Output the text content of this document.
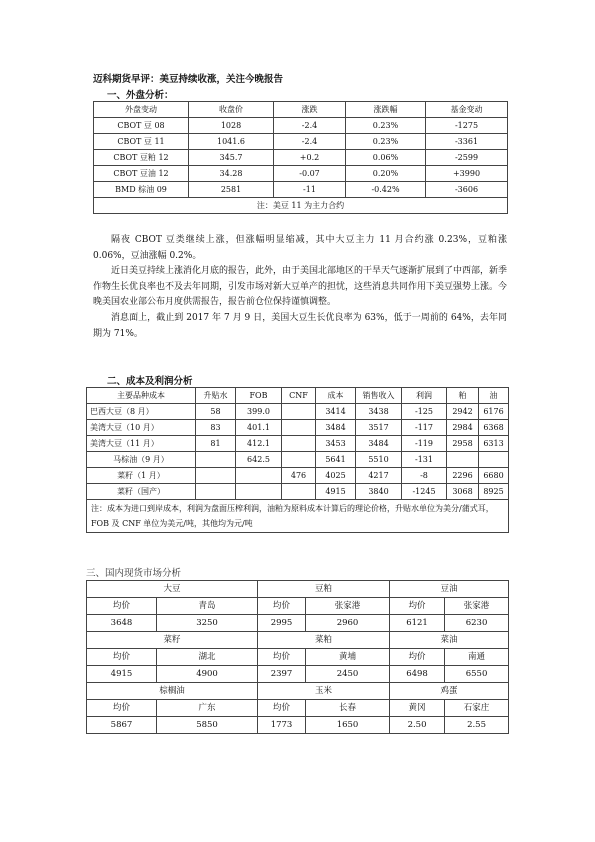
迈科期货早评：美豆持续收涨，关注今晚报告
一、外盘分析：
外盘变动	收盘价	涨跌	涨跌幅	基金变动
CBOT 豆 08	1028	-2.4	0.23%	-1275
CBOT 豆 11	1041.6	-2.4	0.23%	-3361
CBOT 豆粕 12	345.7	+0.2	0.06%	-2599
CBOT 豆油 12	34.28	-0.07	0.20%	+3990
BMD 棕油 09	2581	-11	-0.42%	-3606
注：美豆 11 为主力合约				

隔夜 CBOT 豆类继续上涨，但涨幅明显缩减，其中大豆主力 11 月合约涨 0.23%，豆粕涨 0.06%，豆油涨幅 0.2%。

近日美豆持续上涨消化月底的报告，此外，由于美国北部地区的干旱天气逐渐扩展到了中西部，新季作物生长优良率也不及去年同期，引发市场对新大豆单产的担忧，这些消息共同作用下美豆强势上涨。今晚美国农业部公布月度供需报告，报告前仓位保持谨慎调整。

消息面上，截止到 2017 年 7 月 9 日，美国大豆生长优良率为 63%，低于一周前的 64%，去年同期为 71%。

二、成本及利润分析
主要品种成本	升贴水	FOB	CNF	成本	销售收入	利润	粕	油
巴西大豆（8 月）	58	399.0		3414	3438	-125	2942	6176
美湾大豆（10 月）	83	401.1		3484	3517	-117	2984	6368
美湾大豆（11 月）	81	412.1		3453	3484	-119	2958	6313
马棕油（9 月）		642.5		5641	5510	-131		
菜籽（1 月）			476	4025	4217	-8	2296	6680
菜籽（国产）				4915	3840	-1245	3068	8925
注：成本为进口到岸成本，利润为盘面压榨利润，油粕为原料成本计算后的理论价格，升贴水单位为美分/蒲式耳，FOB 及 CNF 单位为美元/吨，其他均为元/吨								
三、国内现货市场分析
大豆		豆粕		豆油	
均价	青岛	均价	张家港	均价	张家港
3648	3250	2995	2960	6121	6230
菜籽		菜粕		菜油	
均价	湖北	均价	黄埔	均价	南通
4915	4900	2397	2450	6498	6550
棕榈油		玉米		鸡蛋	
均价	广东	均价	长春	黄冈	石家庄
5867	5850	1773	1650	2.50	2.55
